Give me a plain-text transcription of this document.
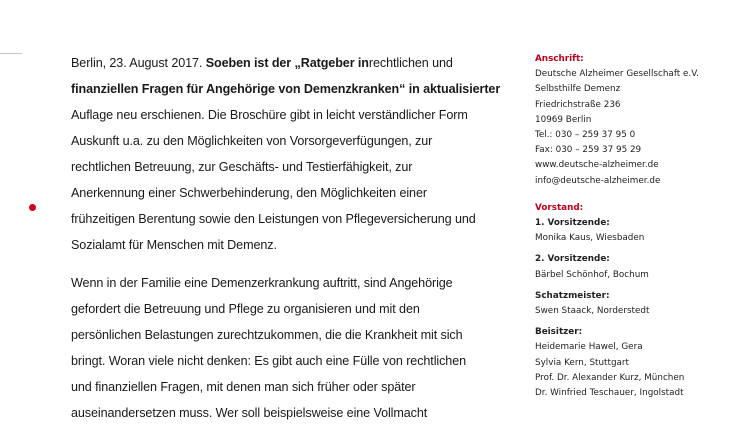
Berlin, 23. August 2017. Soeben ist der „Ratgeber inrechtlichen und

finanziellen Fragen für Angehörige von Demenzkranken“ in aktualisierter

Auflage neu erschienen. Die Broschüre gibt in leicht verständlicher Form

Auskunft u.a. zu den Möglichkeiten von Vorsorgeverfügungen, zur

rechtlichen Betreuung, zur Geschäfts- und Testierfähigkeit, zur

Anerkennung einer Schwerbehinderung, den Möglichkeiten einer

frühzeitigen Berentung sowie den Leistungen von Pflegeversicherung und

Sozialamt für Menschen mit Demenz.

Wenn in der Familie eine Demenzerkrankung auftritt, sind Angehörige

gefordert die Betreuung und Pflege zu organisieren und mit den

persönlichen Belastungen zurechtzukommen, die die Krankheit mit sich

bringt. Woran viele nicht denken: Es gibt auch eine Fülle von rechtlichen

und finanziellen Fragen, mit denen man sich früher oder später

auseinandersetzen muss. Wer soll beispielsweise eine Vollmacht

Anschrift:
Deutsche Alzheimer Gesellschaft e.V.
Selbsthilfe Demenz
Friedrichstraße 236
10969 Berlin
Tel.: 030 – 259 37 95 0
Fax: 030 – 259 37 95 29
www.deutsche-alzheimer.de
info@deutsche-alzheimer.de
Vorstand:
1. Vorsitzende:
Monika Kaus, Wiesbaden
2. Vorsitzende:
Bärbel Schönhof, Bochum
Schatzmeister:
Swen Staack, Norderstedt
Beisitzer:
Heidemarie Hawel, Gera
Sylvia Kern, Stuttgart
Prof. Dr. Alexander Kurz, München
Dr. Winfried Teschauer, Ingolstadt
